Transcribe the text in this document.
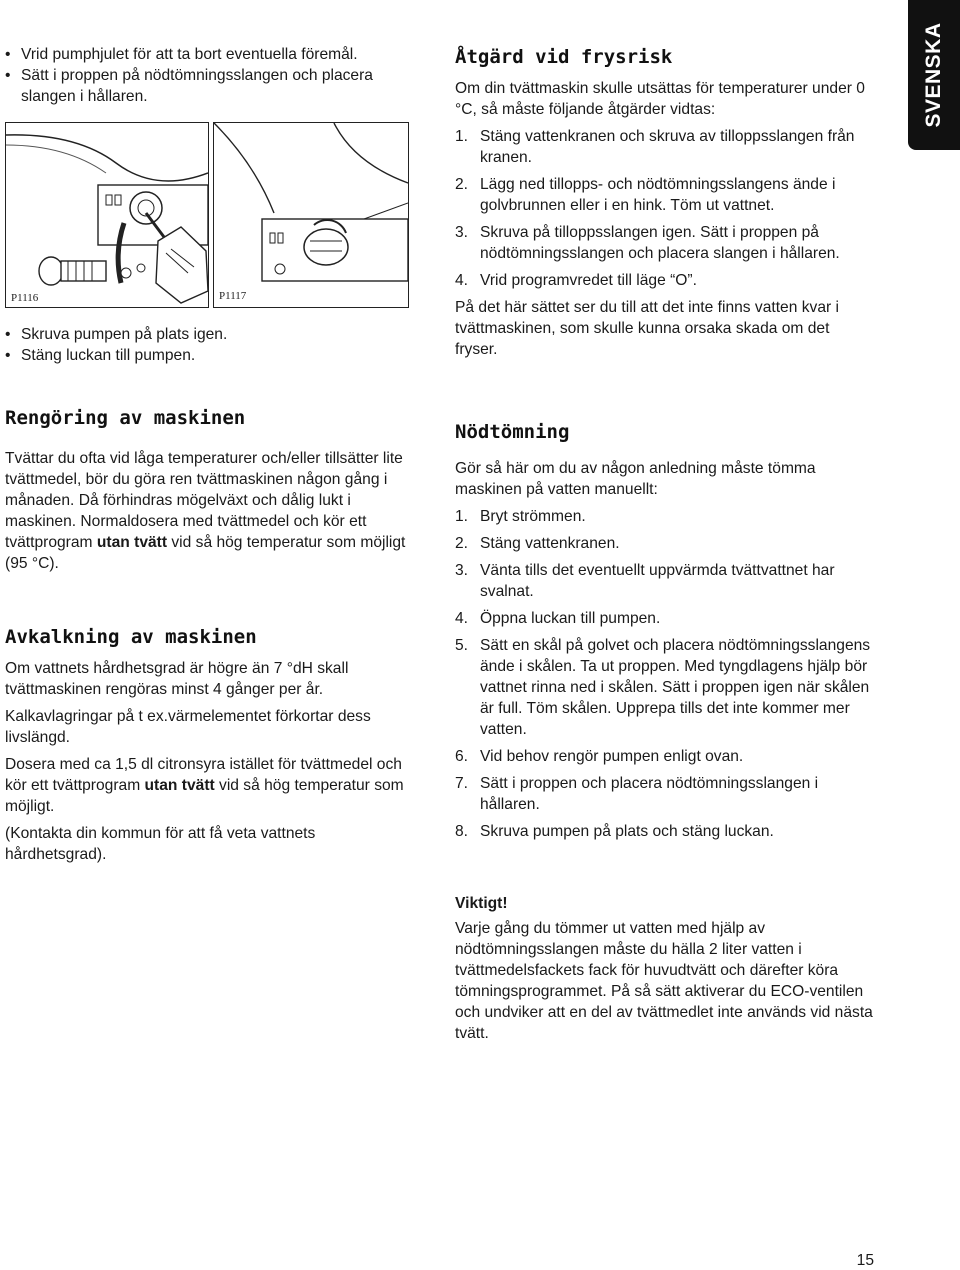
SVENSKA
• Vrid pumphjulet för att ta bort eventuella föremål.
• Sätt i proppen på nödtömningsslangen och placera slangen i hållaren.
P1116	P1117
• Skruva pumpen på plats igen.
• Stäng luckan till pumpen.
Rengöring av maskinen

Tvättar du ofta vid låga temperaturer och/eller tillsätter lite tvättmedel, bör du göra ren tvättmaskinen någon gång i månaden. Då förhindras mögelväxt och dålig lukt i maskinen. Normaldosera med tvättmedel och kör ett tvättprogram utan tvätt vid så hög temperatur som möjligt (95 °C).

Avkalkning av maskinen

Om vattnets hårdhetsgrad är högre än 7 °dH skall tvättmaskinen rengöras minst 4 gånger per år.

Kalkavlagringar på t ex.värmelementet förkortar dess livslängd.

Dosera med ca 1,5 dl citronsyra istället för tvättmedel och kör ett tvättprogram utan tvätt vid så hög temperatur som möjligt.

(Kontakta din kommun för att få veta vattnets hårdhetsgrad).

Åtgärd vid frysrisk

Om din tvättmaskin skulle utsättas för temperaturer under 0 °C, så måste följande åtgärder vidtas:

1. Stäng vattenkranen och skruva av tilloppsslangen från kranen.
2. Lägg ned tillopps- och nödtömningsslangens ände i golvbrunnen eller i en hink. Töm ut vattnet.
3. Skruva på tilloppsslangen igen. Sätt i proppen på nödtömningsslangen och placera slangen i hållaren.
4. Vrid programvredet till läge “O”.

På det här sättet ser du till att det inte finns vatten kvar i tvättmaskinen, som skulle kunna orsaka skada om det fryser.

Nödtömning

Gör så här om du av någon anledning måste tömma maskinen på vatten manuellt:

1. Bryt strömmen.
2. Stäng vattenkranen.
3. Vänta tills det eventuellt uppvärmda tvättvattnet har svalnat.
4. Öppna luckan till pumpen.
5. Sätt en skål på golvet och placera nödtömningsslangens ände i skålen. Ta ut proppen. Med tyngdlagens hjälp bör vattnet rinna ned i skålen. Sätt i proppen igen när skålen är full. Töm skålen. Upprepa tills det inte kommer mer vatten.
6. Vid behov rengör pumpen enligt ovan.
7. Sätt i proppen och placera nödtömningsslangen i hållaren.
8. Skruva pumpen på plats och stäng luckan.

Viktigt!

Varje gång du tömmer ut vatten med hjälp av nödtömningsslangen måste du hälla 2 liter vatten i tvättmedelsfackets fack för huvudtvätt och därefter köra tömningsprogrammet. På så sätt aktiverar du ECO-ventilen och undviker att en del av tvättmedlet inte används vid nästa tvätt.

15
